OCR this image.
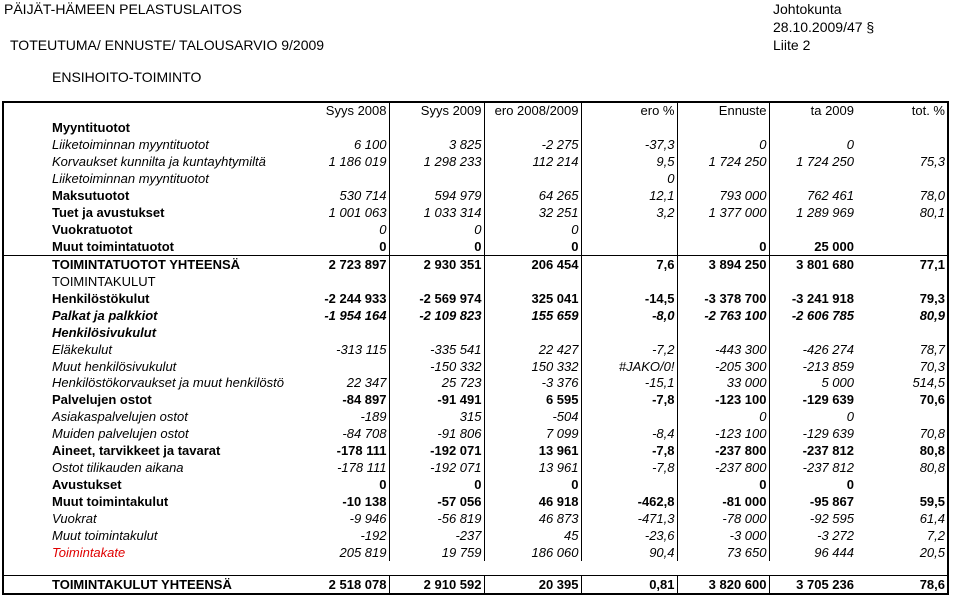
PÄIJÄT-HÄMEEN PELASTUSLAITOS
TOTEUTUMA/ ENNUSTE/ TALOUSARVIO 9/2009
Johtokunta
28.10.2009/47 §
Liite 2
ENSIHOITO-TOIMINTO
	Syys 2008	Syys 2009	ero 2008/2009	ero %	Ennuste	ta 2009	tot. %
Myyntituotot							
Liiketoiminnan myyntituotot	6 100	3 825	-2 275	-37,3	0	0	
Korvaukset kunnilta ja kuntayhtymiltä	1 186 019	1 298 233	112 214	9,5	1 724 250	1 724 250	75,3
Liiketoiminnan myyntituotot				0			
Maksutuotot	530 714	594 979	64 265	12,1	793 000	762 461	78,0
Tuet ja avustukset	1 001 063	1 033 314	32 251	3,2	1 377 000	1 289 969	80,1
Vuokratuotot	0	0	0				
Muut toimintatuotot	0	0	0		0	25 000	
TOIMINTATUOTOT YHTEENSÄ	2 723 897	2 930 351	206 454	7,6	3 894 250	3 801 680	77,1
TOIMINTAKULUT							
Henkilöstökulut	-2 244 933	-2 569 974	325 041	-14,5	-3 378 700	-3 241 918	79,3
Palkat ja palkkiot	-1 954 164	-2 109 823	155 659	-8,0	-2 763 100	-2 606 785	80,9
Henkilösivukulut							
Eläkekulut	-313 115	-335 541	22 427	-7,2	-443 300	-426 274	78,7
Muut henkilösivukulut		-150 332	150 332	#JAKO/0!	-205 300	-213 859	70,3
Henkilöstökorvaukset ja muut henkilöstö	22 347	25 723	-3 376	-15,1	33 000	5 000	514,5
Palvelujen ostot	-84 897	-91 491	6 595	-7,8	-123 100	-129 639	70,6
Asiakaspalvelujen ostot	-189	315	-504		0	0	
Muiden palvelujen ostot	-84 708	-91 806	7 099	-8,4	-123 100	-129 639	70,8
Aineet, tarvikkeet ja tavarat	-178 111	-192 071	13 961	-7,8	-237 800	-237 812	80,8
Ostot tilikauden aikana	-178 111	-192 071	13 961	-7,8	-237 800	-237 812	80,8
Avustukset	0	0	0		0	0	
Muut toimintakulut	-10 138	-57 056	46 918	-462,8	-81 000	-95 867	59,5
Vuokrat	-9 946	-56 819	46 873	-471,3	-78 000	-92 595	61,4
Muut toimintakulut	-192	-237	45	-23,6	-3 000	-3 272	7,2
Toimintakate	205 819	19 759	186 060	90,4	73 650	96 444	20,5

TOIMINTAKULUT YHTEENSÄ	2 518 078	2 910 592	20 395	0,81	3 820 600	3 705 236	78,6
